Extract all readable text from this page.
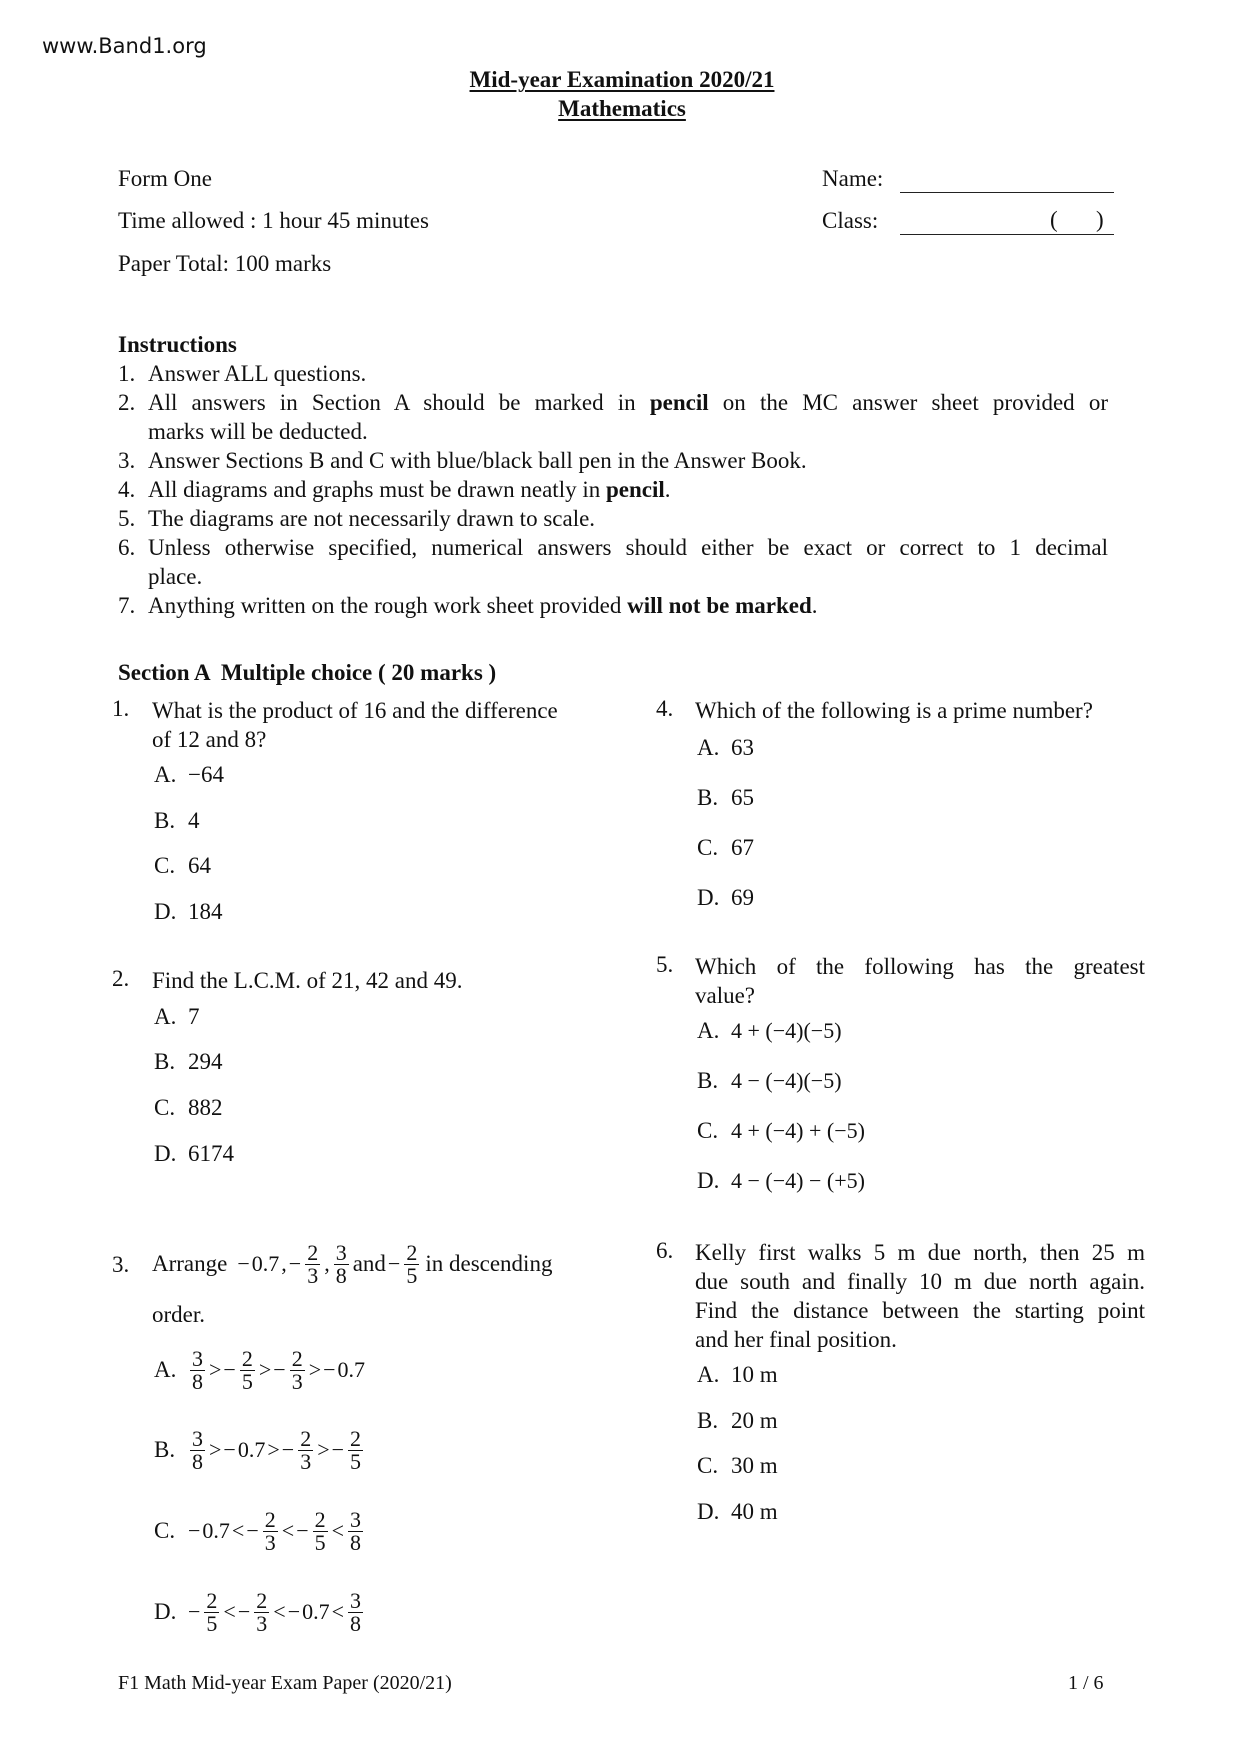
www.Band1.org
Mid-year Examination 2020/21
Mathematics
Form One
Time allowed : 1 hour 45 minutes
Paper Total: 100 marks
Name:
Class:	( )
Instructions
1. Answer ALL questions.
2. All answers in Section A should be marked in pencil on the MC answer sheet provided or
marks will be deducted.
3. Answer Sections B and C with blue/black ball pen in the Answer Book.
4. All diagrams and graphs must be drawn neatly in pencil.
5. The diagrams are not necessarily drawn to scale.
6. Unless otherwise specified, numerical answers should either be exact or correct to 1 decimal
place.
7. Anything written on the rough work sheet provided will not be marked.
Section A  Multiple choice ( 20 marks )
1. What is the product of 16 and the difference
of 12 and 8?
A. −64
B. 4
C. 64
D. 184
2. Find the L.C.M. of 21, 42 and 49.
A. 7
B. 294
C. 882
D. 6174
3. Arrange − 0.7 , − $\frac{2}{3}$ , $\frac{3}{8}$ and − $\frac{2}{5}$ in descending
order.
A. $\frac{3}{8}$ > − $\frac{2}{5}$ > − $\frac{2}{3}$ > − 0.7
B. $\frac{3}{8}$ > − 0.7 > − $\frac{2}{3}$ > − $\frac{2}{5}$
C. − 0.7 < − $\frac{2}{3}$ < − $\frac{2}{5} < \frac{3}{8}$
D. − $\frac{2}{5}$ < − $\frac{2}{3}$ < − $0.7 < \frac{3}{8}$
4. Which of the following is a prime number?
A. 63
B. 65
C. 67
D. 69
5. Which of the following has the greatest
value?
A. 4 + (−4)(−5)
B. 4 − (−4)(−5)
C. 4 + (−4) + (−5)
D. 4 − (−4) − (+5)
6. Kelly first walks 5 m due north, then 25 m
due south and finally 10 m due north again.
Find the distance between the starting point
and her final position.
A. 10 m
B. 20 m
C. 30 m
D. 40 m
F1 Math Mid-year Exam Paper (2020/21)	1 / 6
